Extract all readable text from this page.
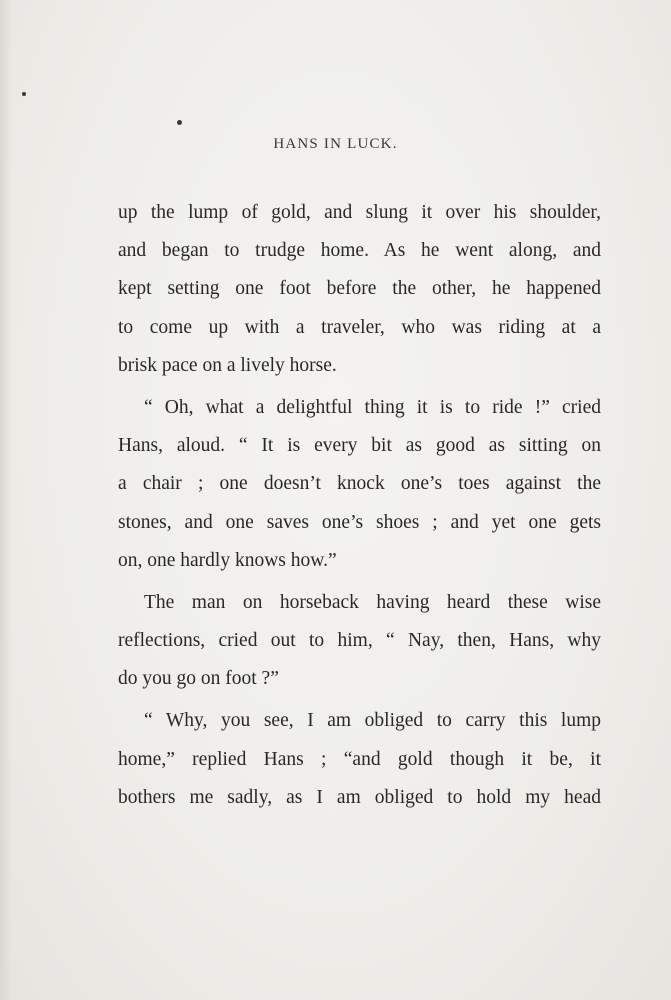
HANS IN LUCK.
up the lump of gold, and slung it over his shoulder,
and began to trudge home. As he went along, and
kept setting one foot before the other, he happened
to come up with a traveler, who was riding at a
brisk pace on a lively horse.
“ Oh, what a delightful thing it is to ride !” cried
Hans, aloud. “ It is every bit as good as sitting on
a chair ; one doesn’t knock one’s toes against the
stones, and one saves one’s shoes ; and yet one gets
on, one hardly knows how.”
The man on horseback having heard these wise
reflections, cried out to him, “ Nay, then, Hans, why
do you go on foot ?”
“ Why, you see, I am obliged to carry this lump
home,” replied Hans ; “and gold though it be, it
bothers me sadly, as I am obliged to hold my head
